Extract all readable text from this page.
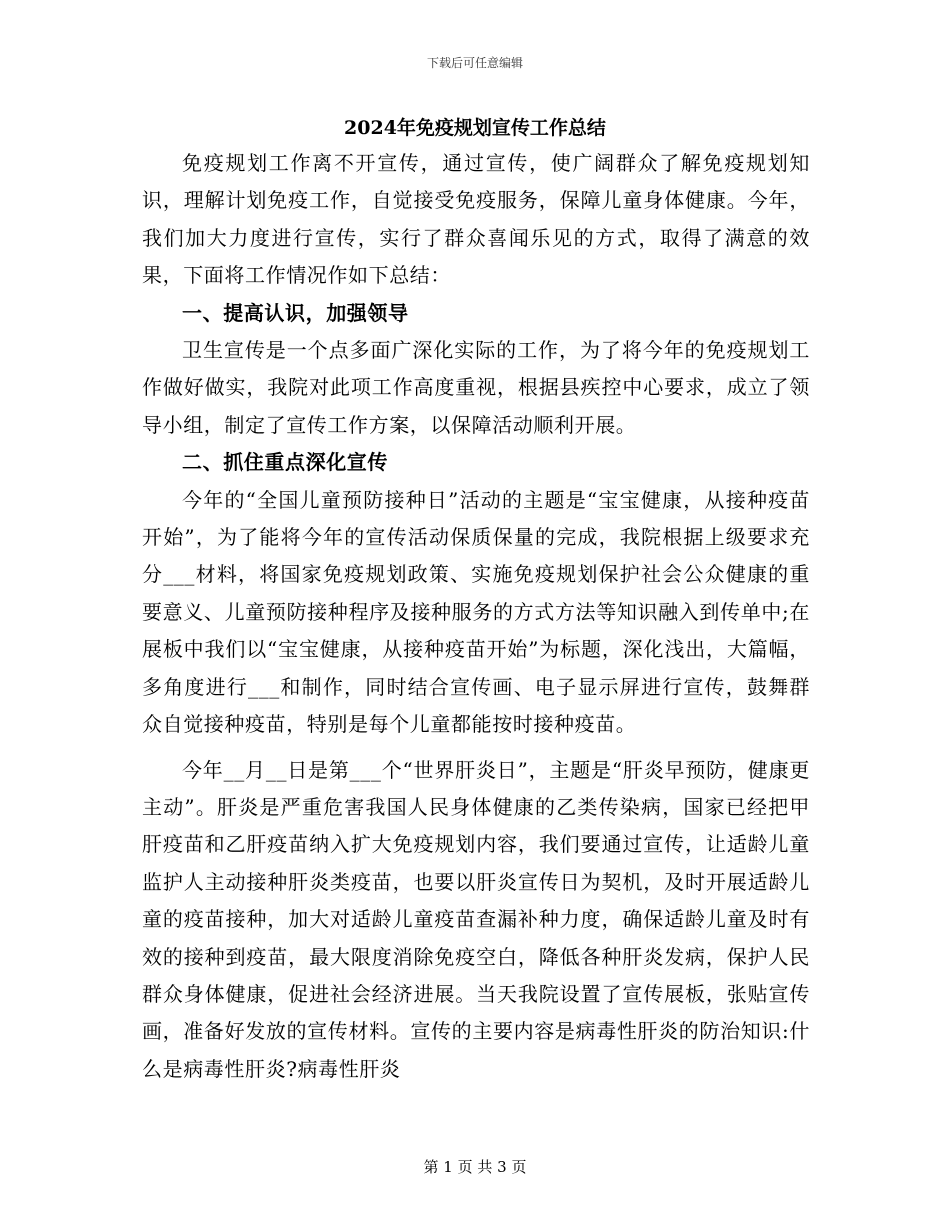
下载后可任意编辑
2024年免疫规划宣传工作总结

免疫规划工作离不开宣传，通过宣传，使广阔群众了解免疫规划知识，理解计划免疫工作，自觉接受免疫服务，保障儿童身体健康。今年，我们加大力度进行宣传，实行了群众喜闻乐见的方式，取得了满意的效果，下面将工作情况作如下总结：

一、提高认识，加强领导

卫生宣传是一个点多面广深化实际的工作，为了将今年的免疫规划工作做好做实，我院对此项工作高度重视，根据县疾控中心要求，成立了领导小组，制定了宣传工作方案，以保障活动顺利开展。

二、抓住重点深化宣传

今年的“全国儿童预防接种日”活动的主题是“宝宝健康，从接种疫苗开始”，为了能将今年的宣传活动保质保量的完成，我院根据上级要求充分___材料，将国家免疫规划政策、实施免疫规划保护社会公众健康的重要意义、儿童预防接种程序及接种服务的方式方法等知识融入到传单中;在展板中我们以“宝宝健康，从接种疫苗开始”为标题，深化浅出，大篇幅，多角度进行___和制作，同时结合宣传画、电子显示屏进行宣传，鼓舞群众自觉接种疫苗，特别是每个儿童都能按时接种疫苗。

今年__月__日是第___个“世界肝炎日”，主题是“肝炎早预防，健康更主动”。肝炎是严重危害我国人民身体健康的乙类传染病，国家已经把甲肝疫苗和乙肝疫苗纳入扩大免疫规划内容，我们要通过宣传，让适龄儿童监护人主动接种肝炎类疫苗，也要以肝炎宣传日为契机，及时开展适龄儿童的疫苗接种，加大对适龄儿童疫苗查漏补种力度，确保适龄儿童及时有效的接种到疫苗，最大限度消除免疫空白，降低各种肝炎发病，保护人民群众身体健康，促进社会经济进展。当天我院设置了宣传展板，张贴宣传画，准备好发放的宣传材料。宣传的主要内容是病毒性肝炎的防治知识:什么是病毒性肝炎?病毒性肝炎

第 1 页 共 3 页
